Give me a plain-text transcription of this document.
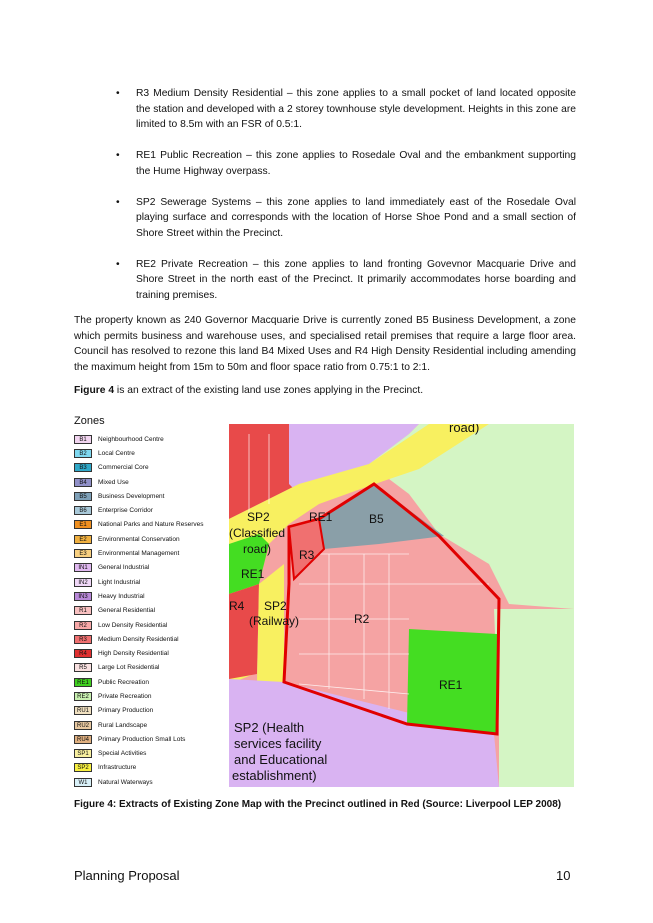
• R3 Medium Density Residential – this zone applies to a small pocket of land located opposite the station and developed with a 2 storey townhouse style development. Heights in this zone are limited to 8.5m with an FSR of 0.5:1.
• RE1 Public Recreation – this zone applies to Rosedale Oval and the embankment supporting the Hume Highway overpass.
• SP2 Sewerage Systems – this zone applies to land immediately east of the Rosedale Oval playing surface and corresponds with the location of Horse Shoe Pond and a small section of Shore Street within the Precinct.
• RE2 Private Recreation – this zone applies to land fronting Govevnor Macquarie Drive and Shore Street in the north east of the Precinct. It primarily accommodates horse boarding and training premises.

The property known as 240 Governor Macquarie Drive is currently zoned B5 Business Development, a zone which permits business and warehouse uses, and specialised retail premises that require a large floor area. Council has resolved to rezone this land B4 Mixed Uses and R4 High Density Residential including amending the maximum height from 15m to 50m and floor space ratio from 0.75:1 to 2:1.

Figure 4 is an extract of the existing land use zones applying in the Precinct.

Zones
B1	Neighbourhood Centre
B2	Local Centre
B3	Commercial Core
B4	Mixed Use
B5	Business Development
B6	Enterprise Corridor
E1	National Parks and Nature Reserves
E2	Environmental Conservation
E3	Environmental Management
IN1	General Industrial
IN2	Light Industrial
IN3	Heavy Industrial
R1	General Residential
R2	Low Density Residential
R3	Medium Density Residential
R4	High Density Residential
R5	Large Lot Residential
RE1	Public Recreation
RE2	Private Recreation
RU1	Primary Production
RU2	Rural Landscape
RU4	Primary Production Small Lots
SP1	Special Activities
SP2	Infrastructure
W1	Natural Waterways
road)
SP2
(Classified
road)
RE1	B5
R3
RE1
R4 SP2
(Railway)	R2
RE1
SP2 (Health
services facility
and Educational
establishment)
Figure 4: Extracts of Existing Zone Map with the Precinct outlined in Red (Source: Liverpool LEP 2008)
Planning Proposal	10
